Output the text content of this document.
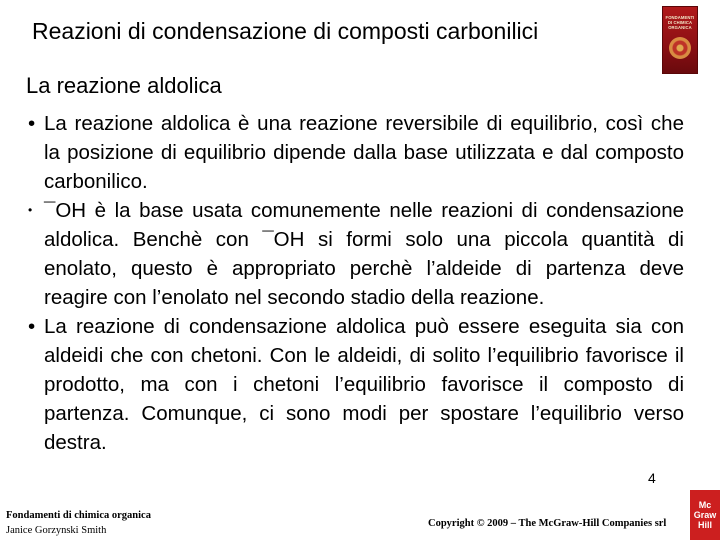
Reazioni di condensazione di composti carbonilici
FONDAMENTI
DI CHIMICA
ORGANICA
La reazione aldolica

• La reazione aldolica è una reazione reversibile di equilibrio, così che la posizione di equilibrio dipende dalla base utilizzata e dal composto carbonilico.

• ¯OH è la base usata comunemente nelle reazioni di condensazione aldolica. Benchè con ¯OH si formi solo una piccola quantità di enolato, questo è appropriato perchè l’aldeide di partenza deve reagire con l’enolato nel secondo stadio della reazione.

• La reazione di condensazione aldolica può essere eseguita sia con aldeidi che con chetoni. Con le aldeidi, di solito l’equilibrio favorisce il prodotto, ma con i chetoni l’equilibrio favorisce il composto di partenza. Comunque, ci sono modi per spostare l’equilibrio verso destra.

4
Fondamenti di chimica organica
Janice Gorzynski Smith
Copyright © 2009 – The McGraw-Hill Companies srl
Mc
Graw
Hill
